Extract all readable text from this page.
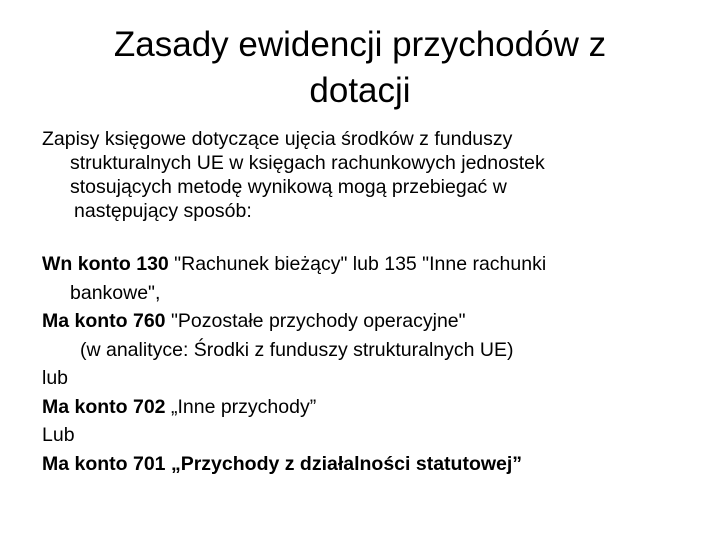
Zasady ewidencji przychodów z
dotacji

Zapisy księgowe dotyczące ujęcia środków z funduszy

strukturalnych UE w księgach rachunkowych jednostek

stosujących metodę wynikową mogą przebiegać w

następujący sposób:

Wn konto 130 "Rachunek bieżący" lub 135 "Inne rachunki
bankowe",
Ma konto 760 "Pozostałe przychody operacyjne"
(w analityce: Środki z funduszy strukturalnych UE)
lub
Ma konto 702 „Inne przychody”
Lub
Ma konto 701 „Przychody z działalności statutowej”
